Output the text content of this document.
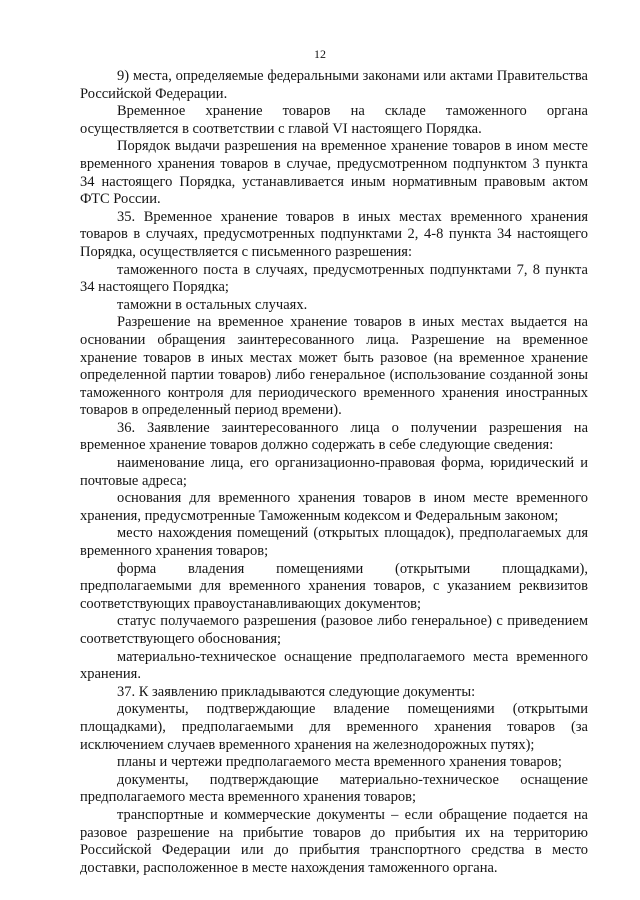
12

9) места, определяемые федеральными законами или актами Правительства Российской Федерации.

Временное хранение товаров на складе таможенного органа осуществляется в соответствии с главой VI настоящего Порядка.

Порядок выдачи разрешения на временное хранение товаров в ином месте временного хранения товаров в случае, предусмотренном подпунктом 3 пункта 34 настоящего Порядка, устанавливается иным нормативным правовым актом ФТС России.

35. Временное хранение товаров в иных местах временного хранения товаров в случаях, предусмотренных подпунктами 2, 4-8 пункта 34 настоящего Порядка, осуществляется с письменного разрешения:

таможенного поста в случаях, предусмотренных подпунктами 7, 8 пункта 34 настоящего Порядка;

таможни в остальных случаях.

Разрешение на временное хранение товаров в иных местах выдается на основании обращения заинтересованного лица. Разрешение на временное хранение товаров в иных местах может быть разовое (на временное хранение определенной партии товаров) либо генеральное (использование созданной зоны таможенного контроля для периодического временного хранения иностранных товаров в определенный период времени).

36. Заявление заинтересованного лица о получении разрешения на временное хранение товаров должно содержать в себе следующие сведения:

наименование лица, его организационно-правовая форма, юридический и почтовые адреса;

основания для временного хранения товаров в ином месте временного хранения, предусмотренные Таможенным кодексом и Федеральным законом;

место нахождения помещений (открытых площадок), предполагаемых для временного хранения товаров;

форма владения помещениями (открытыми площадками), предполагаемыми для временного хранения товаров, с указанием реквизитов соответствующих правоустанавливающих документов;

статус получаемого разрешения (разовое либо генеральное) с приведением соответствующего обоснования;

материально-техническое оснащение предполагаемого места временного хранения.

37. К заявлению прикладываются следующие документы:

документы, подтверждающие владение помещениями (открытыми площадками), предполагаемыми для временного хранения товаров (за исключением случаев временного хранения на железнодорожных путях);

планы и чертежи предполагаемого места временного хранения товаров;

документы, подтверждающие материально-техническое оснащение предполагаемого места временного хранения товаров;

транспортные и коммерческие документы – если обращение подается на разовое разрешение на прибытие товаров до прибытия их на территорию Российской Федерации или до прибытия транспортного средства в место доставки, расположенное в месте нахождения таможенного органа.
